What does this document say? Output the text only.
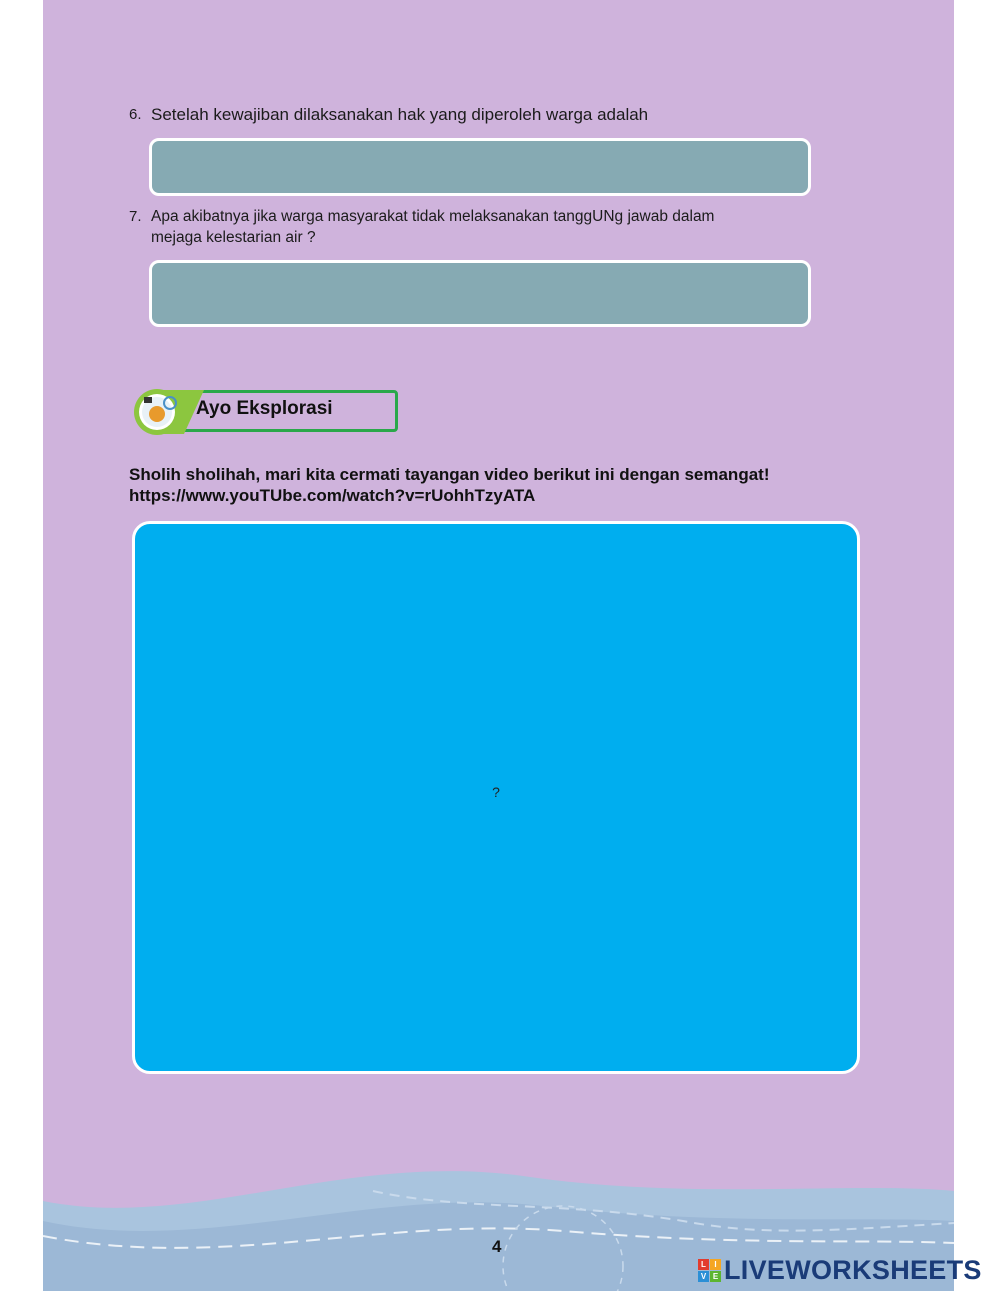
6. Setelah kewajiban dilaksanakan hak yang diperoleh warga adalah
7. Apa akibatnya jika warga masyarakat tidak melaksanakan tanggUNg jawab dalam
mejaga kelestarian air ?
4
Ayo Eksplorasi
Sholih sholihah, mari kita cermati tayangan video berikut ini dengan semangat!
https://www.youTUbe.com/watch?v=rUohhTzyATA
?
L	I
V E LIVEWORKSHEETS
